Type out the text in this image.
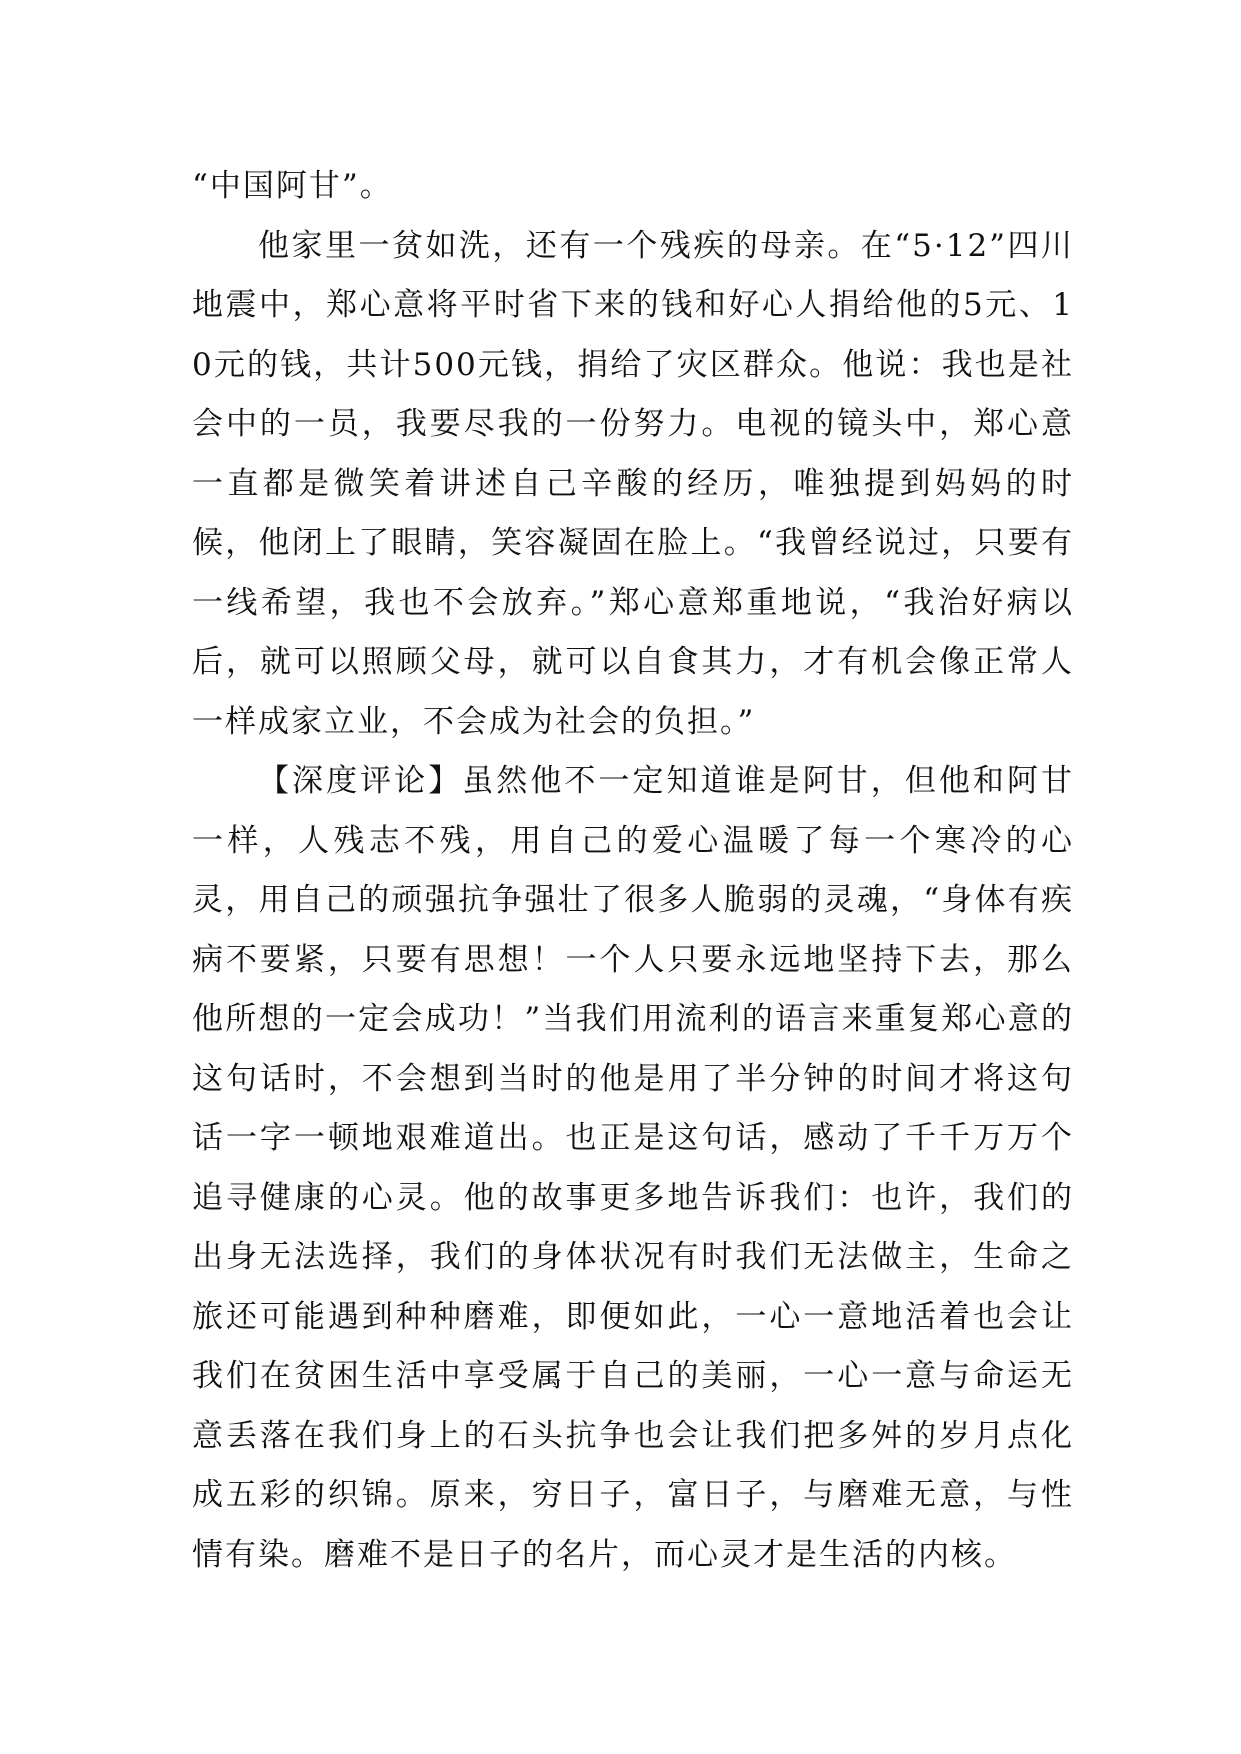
“中国阿甘”。

他家里一贫如洗，还有一个残疾的母亲。在“5·12”四川地震中，郑心意将平时省下来的钱和好心人捐给他的5元、10元的钱，共计500元钱，捐给了灾区群众。他说：我也是社会中的一员，我要尽我的一份努力。电视的镜头中，郑心意一直都是微笑着讲述自己辛酸的经历，唯独提到妈妈的时候，他闭上了眼睛，笑容凝固在脸上。“我曾经说过，只要有一线希望，我也不会放弃。”郑心意郑重地说，“我治好病以后，就可以照顾父母，就可以自食其力，才有机会像正常人一样成家立业，不会成为社会的负担。”

【深度评论】虽然他不一定知道谁是阿甘，但他和阿甘一样，人残志不残，用自己的爱心温暖了每一个寒冷的心灵，用自己的顽强抗争强壮了很多人脆弱的灵魂，“身体有疾病不要紧，只要有思想！一个人只要永远地坚持下去，那么他所想的一定会成功！”当我们用流利的语言来重复郑心意的这句话时，不会想到当时的他是用了半分钟的时间才将这句话一字一顿地艰难道出。也正是这句话，感动了千千万万个追寻健康的心灵。他的故事更多地告诉我们：也许，我们的出身无法选择，我们的身体状况有时我们无法做主，生命之旅还可能遇到种种磨难，即便如此，一心一意地活着也会让我们在贫困生活中享受属于自己的美丽，一心一意与命运无意丢落在我们身上的石头抗争也会让我们把多舛的岁月点化成五彩的织锦。原来，穷日子，富日子，与磨难无意，与性情有染。磨难不是日子的名片，而心灵才是生活的内核。
